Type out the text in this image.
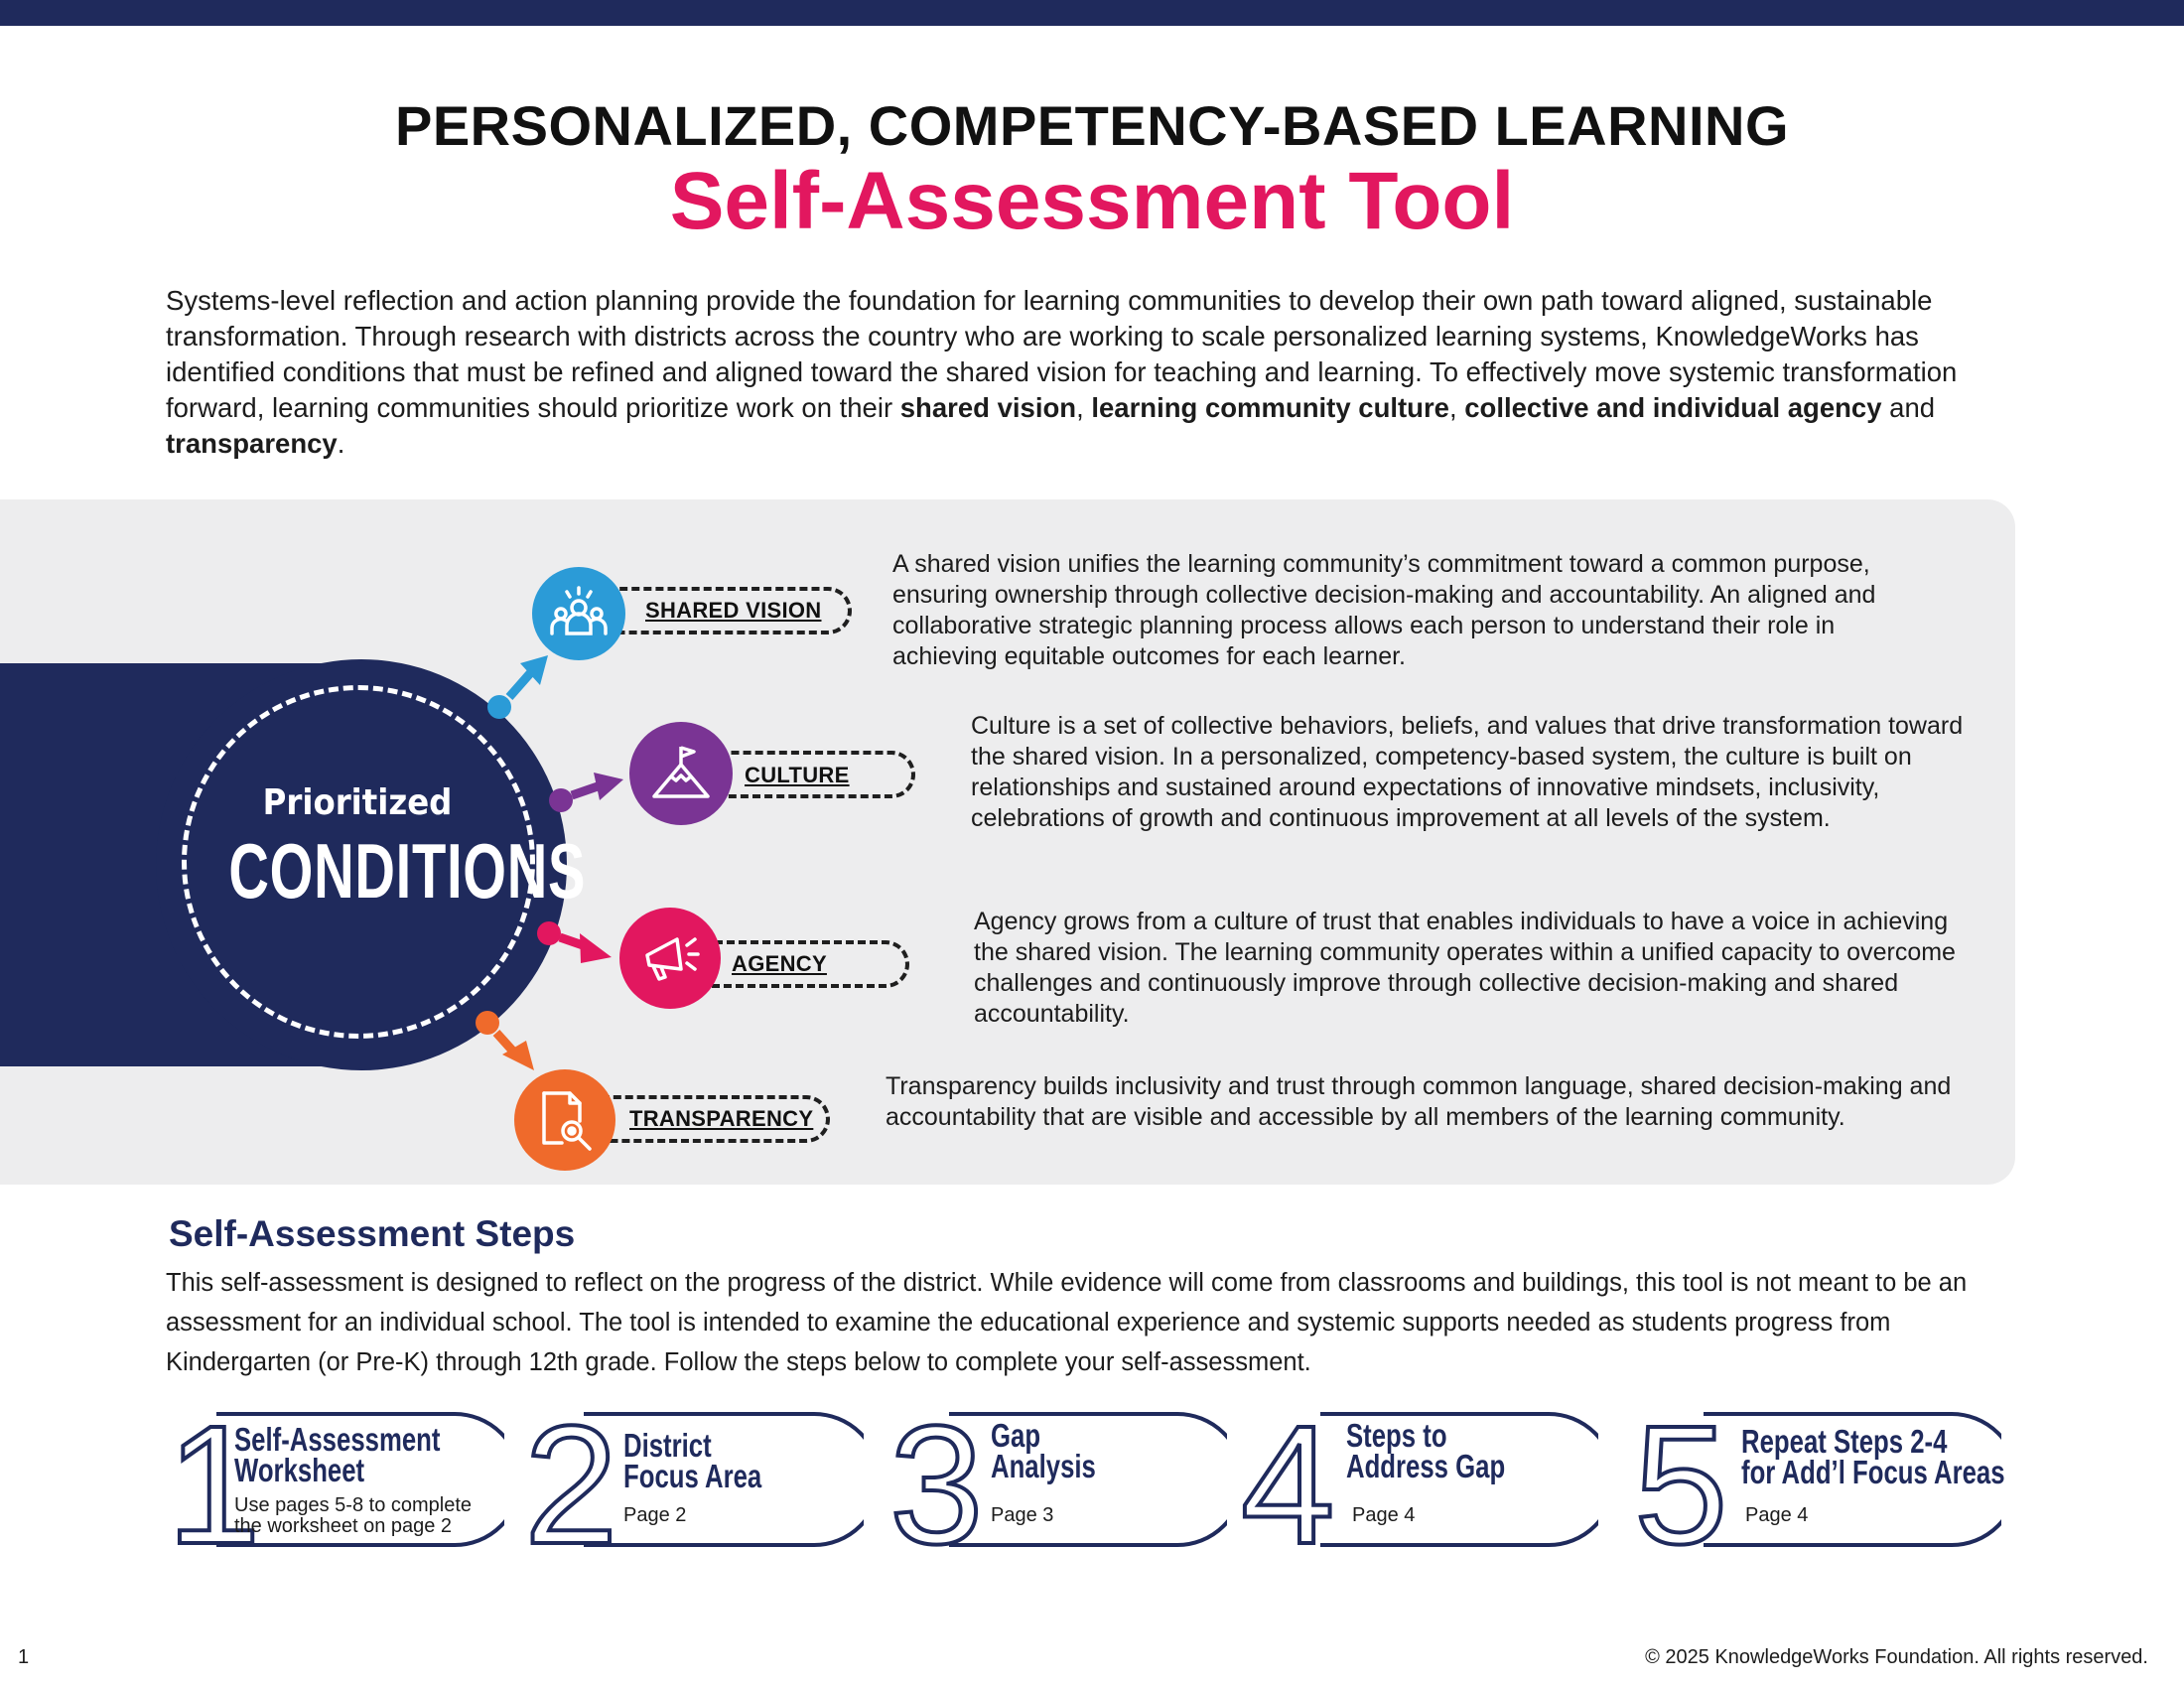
PERSONALIZED, COMPETENCY-BASED LEARNING
Self-Assessment Tool
Systems-level reflection and action planning provide the foundation for learning communities to develop their own path toward aligned, sustainable transformation. Through research with districts across the country who are working to scale personalized learning systems, KnowledgeWorks has identified conditions that must be refined and aligned toward the shared vision for teaching and learning. To effectively move systemic transformation forward, learning communities should prioritize work on their shared vision, learning community culture, collective and individual agency and transparency.
Prioritized
CONDITIONS
SHARED VISION
A shared vision unifies the learning community’s commitment toward a common purpose, ensuring ownership through collective decision-making and accountability. An aligned and collaborative strategic planning process allows each person to understand their role in achieving equitable outcomes for each learner.
CULTURE
Culture is a set of collective behaviors, beliefs, and values that drive transformation toward the shared vision. In a personalized, competency-based system, the culture is built on relationships and sustained around expectations of innovative mindsets, inclusivity, celebrations of growth and continuous improvement at all levels of the system.
AGENCY
Agency grows from a culture of trust that enables individuals to have a voice in achieving the shared vision. The learning community operates within a unified capacity to overcome challenges and continuously improve through collective decision-making and shared accountability.
TRANSPARENCY
Transparency builds inclusivity and trust through common language, shared decision-making and accountability that are visible and accessible by all members of the learning community.
Self-Assessment Steps
This self-assessment is designed to reflect on the progress of the district. While evidence will come from classrooms and buildings, this tool is not meant to be an assessment for an individual school. The tool is intended to examine the educational experience and systemic supports needed as students progress from Kindergarten (or Pre-K) through 12th grade. Follow the steps below to complete your self-assessment.
1
Self-Assessment
Worksheet
Use pages 5-8 to complete
the worksheet on page 2 2 District
Focus Area
Page 2 3 Gap
Analysis
Page 3 4 Steps to
Address Gap
Page 4 5 Repeat Steps 2-4
for Add’l Focus Areas
Page 4
1	© 2025 KnowledgeWorks Foundation. All rights reserved.
